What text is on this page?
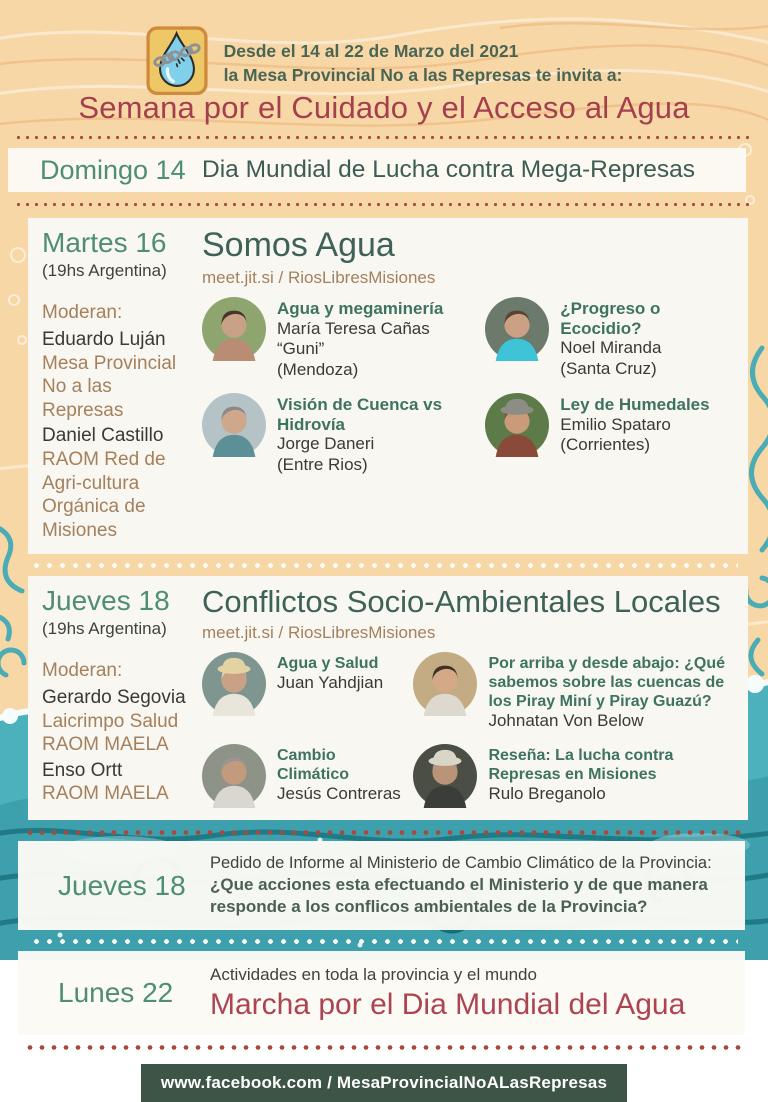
Desde el 14 al 22 de Marzo del 2021
la Mesa Provincial No a las Represas te invita a:
Semana por el Cuidado y el Acceso al Agua
Domingo 14 Dia Mundial de Lucha contra Mega-Represas
Martes 16
(19hs Argentina)
Moderan:
Eduardo Luján
Mesa Provincial No a las Represas
Daniel Castillo
RAOM Red de Agri-cultura Orgánica de Misiones
Somos Agua
meet.jit.si / RiosLibresMisiones
Agua y megaminería
María Teresa Cañas “Guni”
(Mendoza)
¿Progreso o Ecocidio?
Noel Miranda
(Santa Cruz)
Visión de Cuenca vs Hidrovía
Jorge Daneri
(Entre Rios)
Ley de Humedales
Emilio Spataro
(Corrientes)
Jueves 18
(19hs Argentina)
Moderan:
Gerardo Segovia
Laicrimpo Salud RAOM MAELA
Enso Ortt
RAOM MAELA
Conflictos Socio-Ambientales Locales
meet.jit.si / RiosLibresMisiones
Agua y Salud
Juan Yahdjian
Por arriba y desde abajo: ¿Qué sabemos sobre las cuencas de los Piray Miní y Piray Guazú?
Johnatan Von Below
Cambio Climático
Jesús Contreras
Reseña: La lucha contra Represas en Misiones
Rulo Breganolo
Jueves 18
Pedido de Informe al Ministerio de Cambio Climático de la Provincia:
¿Que acciones esta efectuando el Ministerio y de que manera responde a los conflicos ambientales de la Provincia?
Lunes 22
Actividades en toda la provincia y el mundo
Marcha por el Dia Mundial del Agua
www.facebook.com / MesaProvincialNoALasRepresas
